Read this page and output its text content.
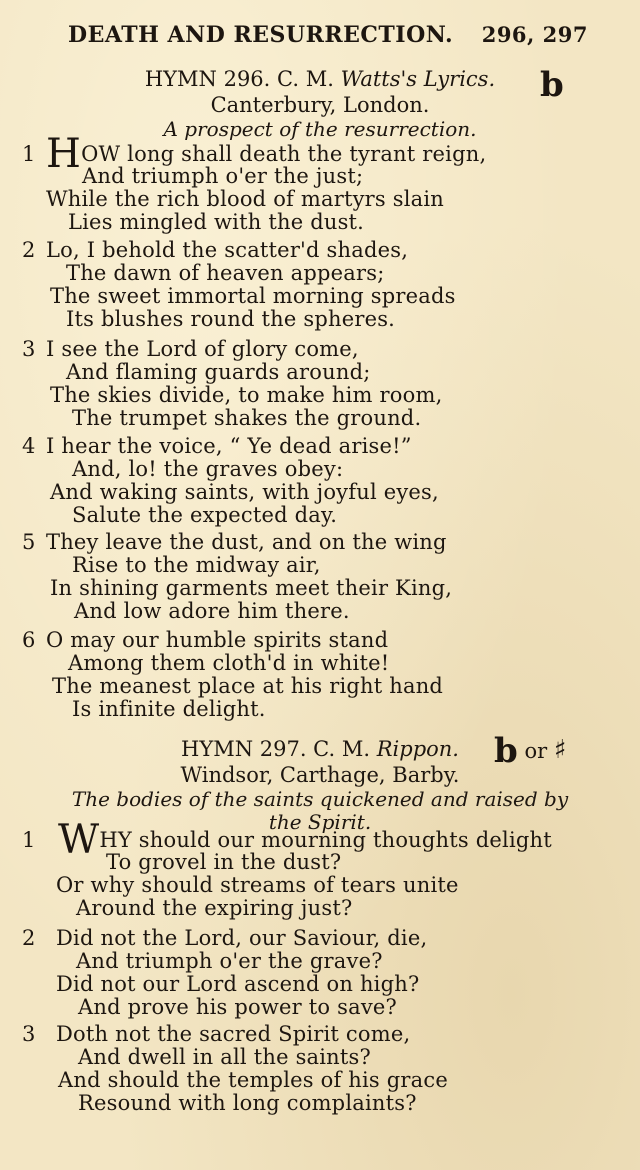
DEATH AND RESURRECTION. 296, 297
HYMN 296. C. M. Watts's Lyrics.
Canterbury, London.
A prospect of the resurrection.
b
1 HOW long shall death the tyrant reign,
And triumph o'er the just;
While the rich blood of martyrs slain
Lies mingled with the dust.
2 Lo, I behold the scatter'd shades,
The dawn of heaven appears;
The sweet immortal morning spreads
Its blushes round the spheres.
3 I see the Lord of glory come,
And flaming guards around;
The skies divide, to make him room,
The trumpet shakes the ground.
4 I hear the voice, “ Ye dead arise!”
And, lo! the graves obey:
And waking saints, with joyful eyes,
Salute the expected day.
5 They leave the dust, and on the wing
Rise to the midway air,
In shining garments meet their King,
And low adore him there.
6 O may our humble spirits stand
Among them cloth'd in white!
The meanest place at his right hand
Is infinite delight.
HYMN 297. C. M. Rippon.
Windsor, Carthage, Barby.
The bodies of the saints quickened and raised by
the Spirit.
b or ♯
1 WHY should our mourning thoughts delight
To grovel in the dust?
Or why should streams of tears unite
Around the expiring just?
2 Did not the Lord, our Saviour, die,
And triumph o'er the grave?
Did not our Lord ascend on high?
And prove his power to save?
3 Doth not the sacred Spirit come,
And dwell in all the saints?
And should the temples of his grace
Resound with long complaints?
